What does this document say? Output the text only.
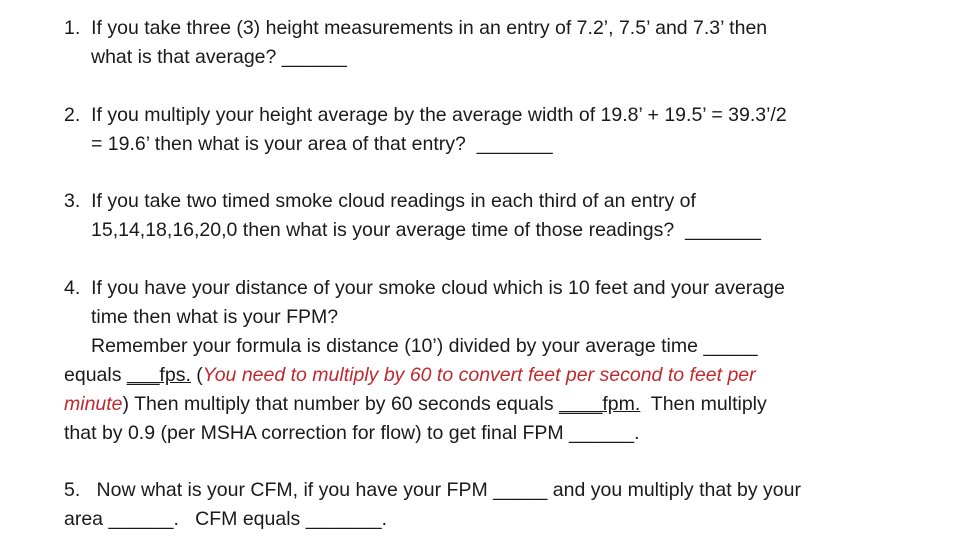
1.  If you take three (3) height measurements in an entry of 7.2’, 7.5’ and 7.3’ then
what is that average? ______
2.  If you multiply your height average by the average width of 19.8’ + 19.5’ = 39.3’/2
= 19.6’ then what is your area of that entry?  _______
3.  If you take two timed smoke cloud readings in each third of an entry of
15,14,18,16,20,0 then what is your average time of those readings?  _______
4.  If you have your distance of your smoke cloud which is 10 feet and your average
time then what is your FPM?
Remember your formula is distance (10’) divided by your average time _____
equals ___fps. (You need to multiply by 60 to convert feet per second to feet per
minute) Then multiply that number by 60 seconds equals ____fpm.  Then multiply
that by 0.9 (per MSHA correction for flow) to get final FPM ______.
5.   Now what is your CFM, if you have your FPM _____ and you multiply that by your
area ______.   CFM equals _______.
